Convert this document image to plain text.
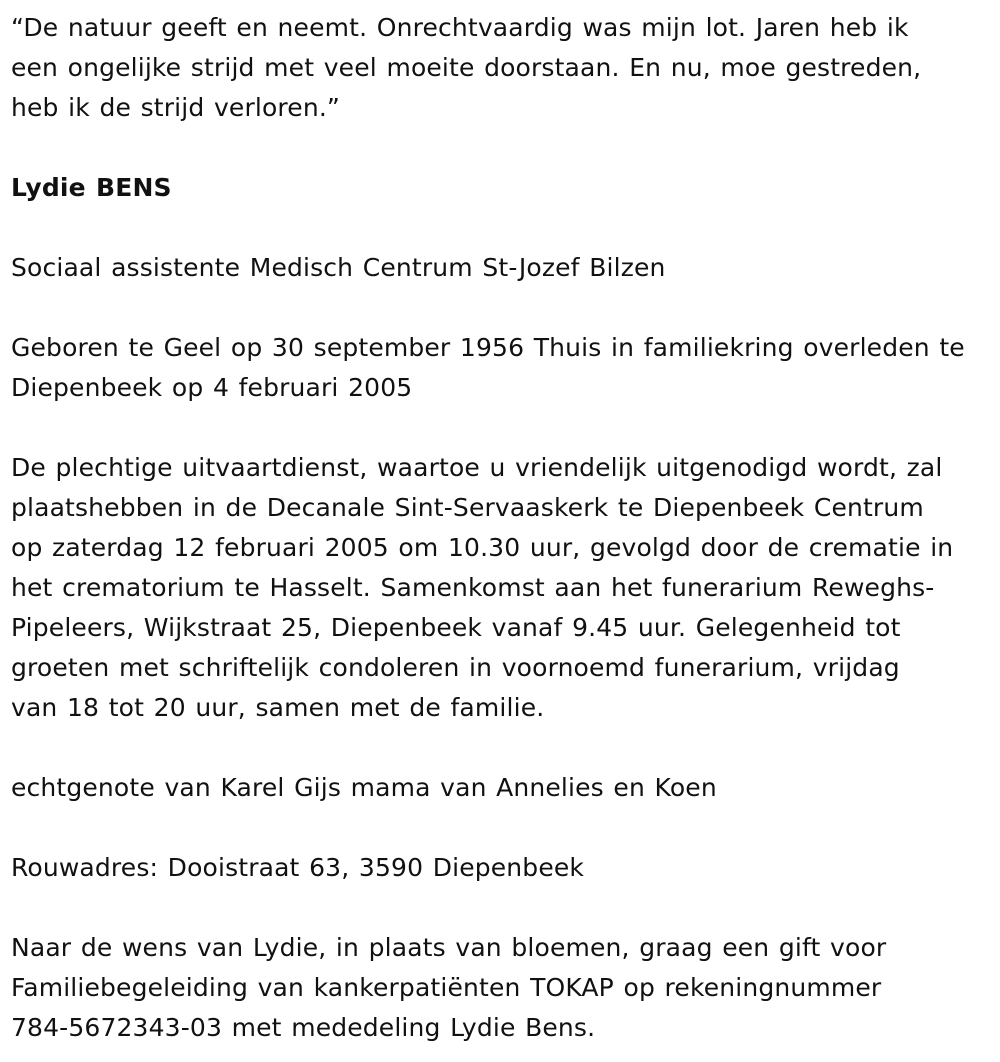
“De natuur geeft en neemt. Onrechtvaardig was mijn lot. Jaren heb ik
een ongelijke strijd met veel moeite doorstaan. En nu, moe gestreden,
heb ik de strijd verloren.”
Lydie BENS
Sociaal assistente Medisch Centrum St-Jozef Bilzen
Geboren te Geel op 30 september 1956 Thuis in familiekring overleden te
Diepenbeek op 4 februari 2005
De plechtige uitvaartdienst, waartoe u vriendelijk uitgenodigd wordt, zal
plaatshebben in de Decanale Sint-Servaaskerk te Diepenbeek Centrum
op zaterdag 12 februari 2005 om 10.30 uur, gevolgd door de crematie in
het crematorium te Hasselt. Samenkomst aan het funerarium Reweghs-
Pipeleers, Wijkstraat 25, Diepenbeek vanaf 9.45 uur. Gelegenheid tot
groeten met schriftelijk condoleren in voornoemd funerarium, vrijdag
van 18 tot 20 uur, samen met de familie.
echtgenote van Karel Gijs mama van Annelies en Koen
Rouwadres: Dooistraat 63, 3590 Diepenbeek
Naar de wens van Lydie, in plaats van bloemen, graag een gift voor
Familiebegeleiding van kankerpatiënten TOKAP op rekeningnummer
784-5672343-03 met mededeling Lydie Bens.
